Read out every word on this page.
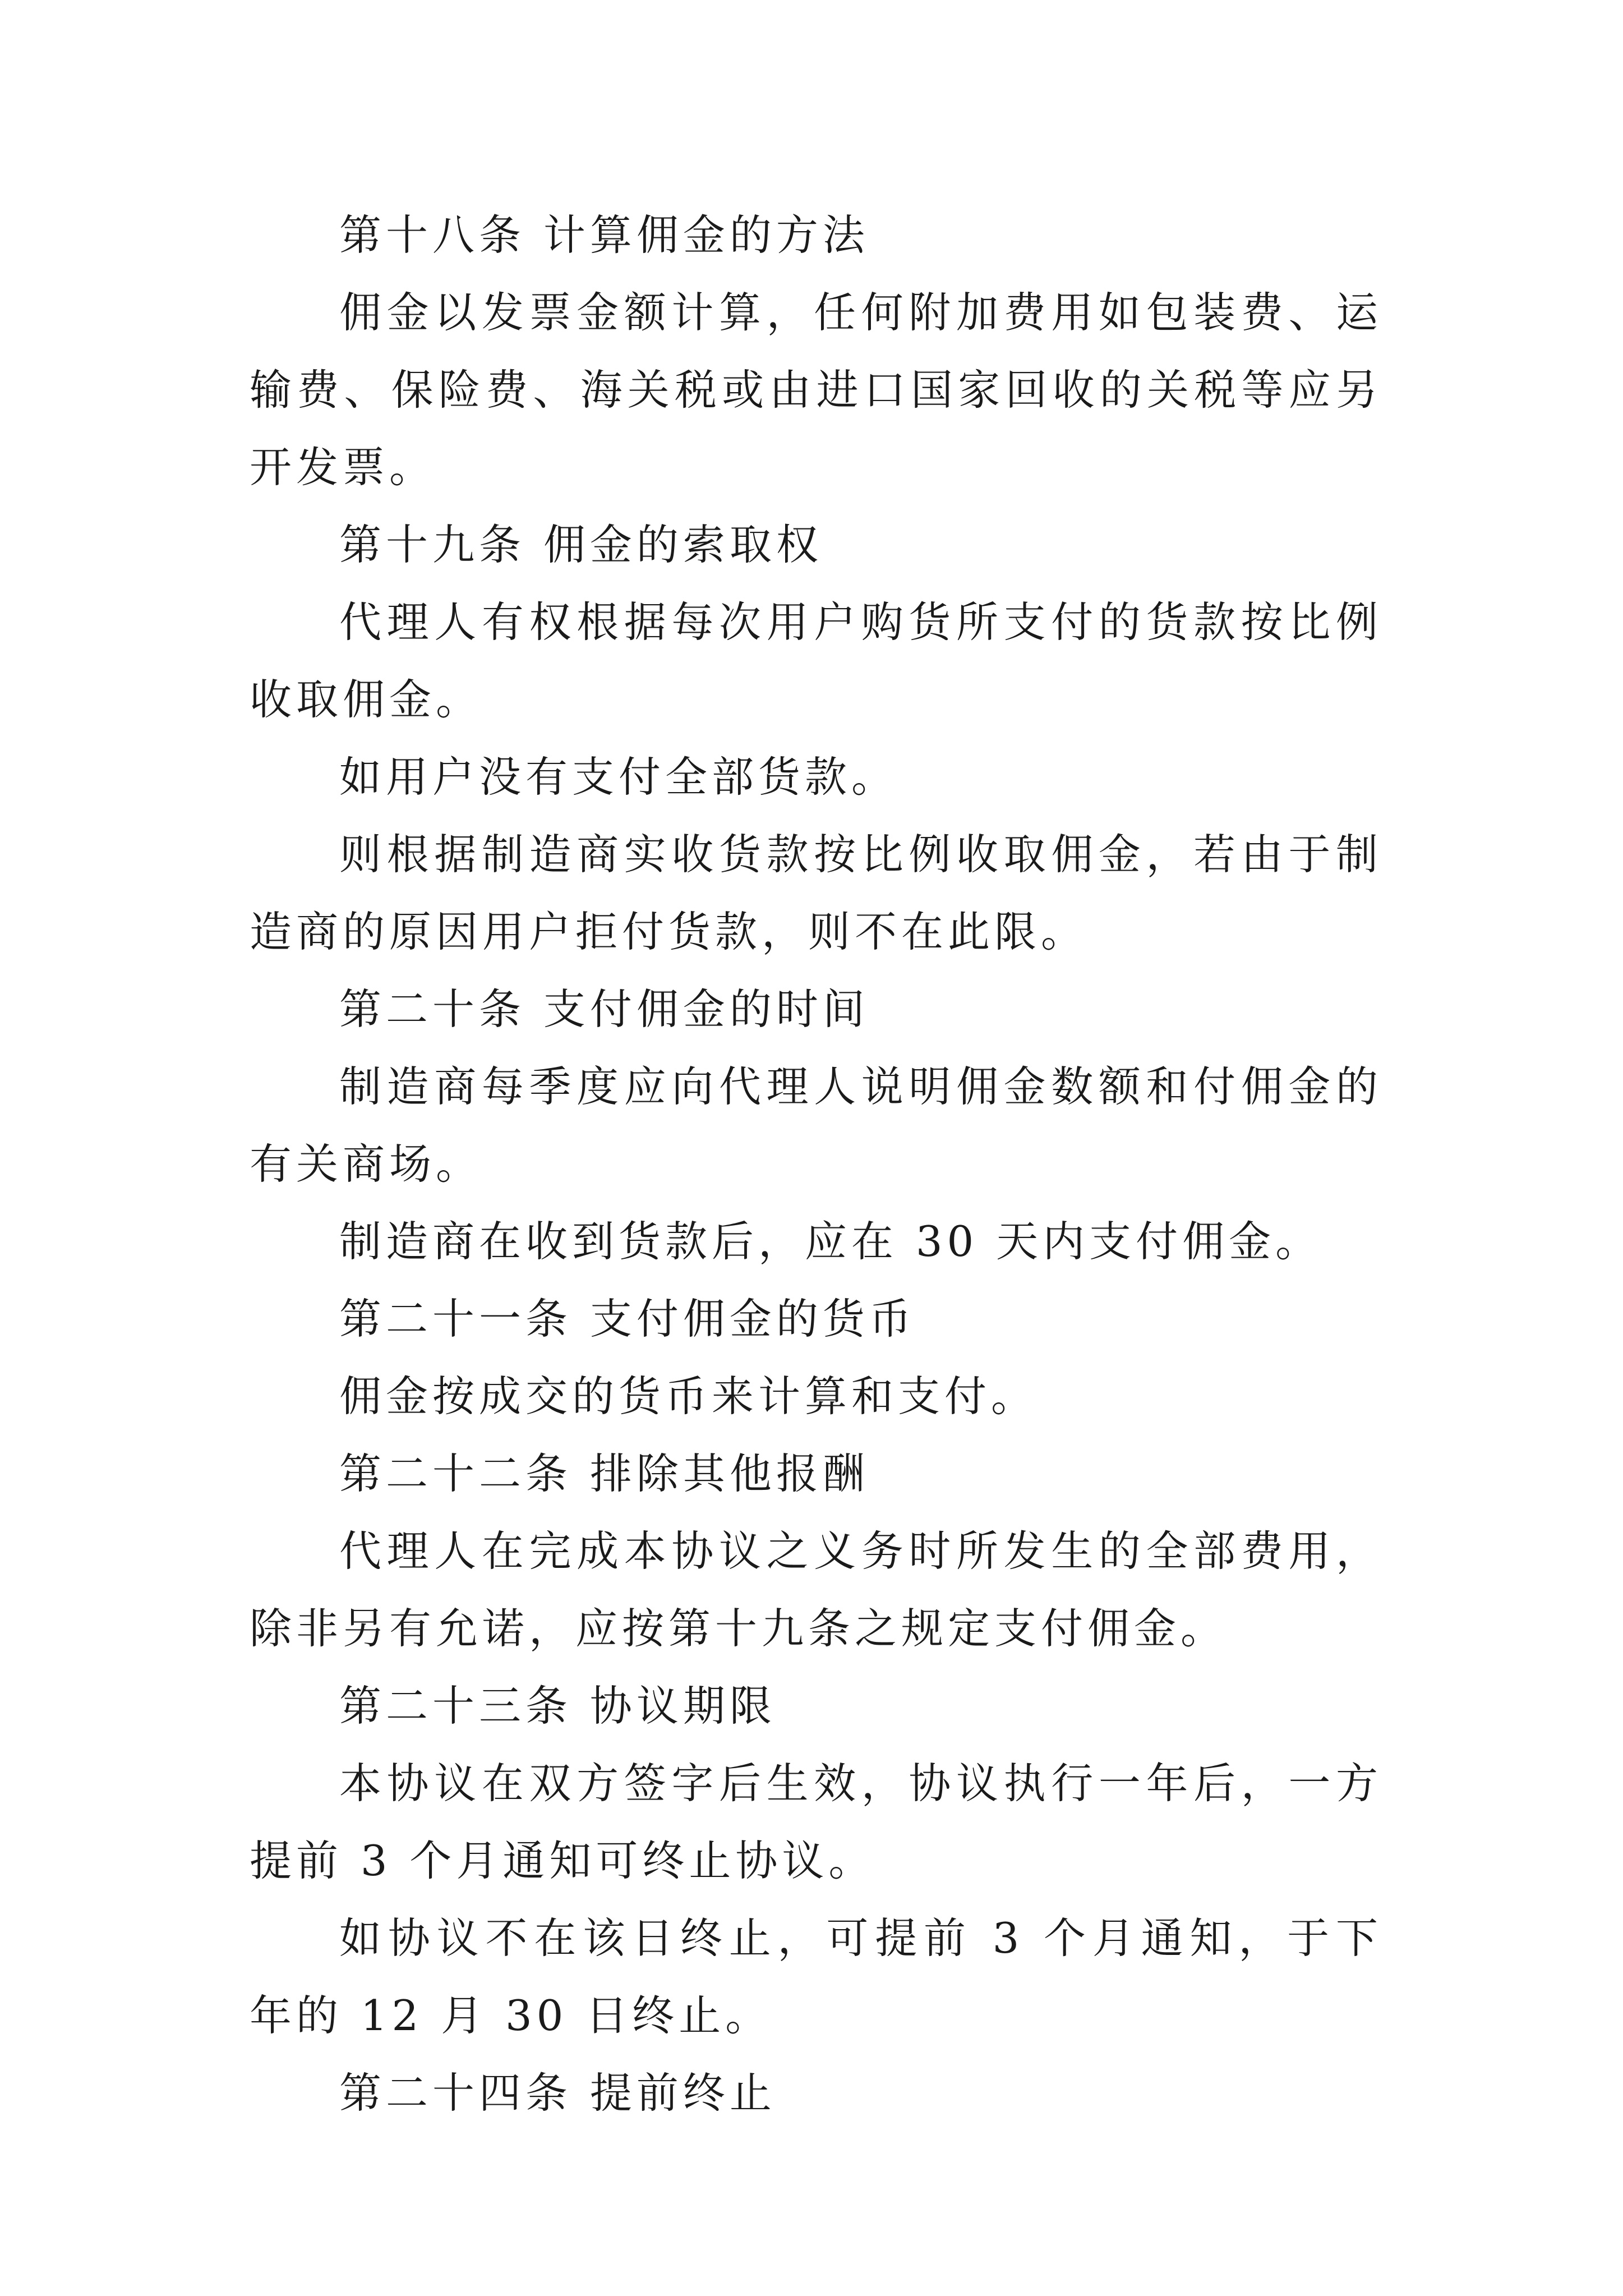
第十八条 计算佣金的方法

佣金以发票金额计算，任何附加费用如包装费、运输费、保险费、海关税或由进口国家回收的关税等应另开发票。

第十九条 佣金的索取权

代理人有权根据每次用户购货所支付的货款按比例收取佣金。

如用户没有支付全部货款。

则根据制造商实收货款按比例收取佣金，若由于制造商的原因用户拒付货款，则不在此限。

第二十条 支付佣金的时间

制造商每季度应向代理人说明佣金数额和付佣金的有关商场。

制造商在收到货款后，应在 30 天内支付佣金。

第二十一条 支付佣金的货币

佣金按成交的货币来计算和支付。

第二十二条 排除其他报酬

代理人在完成本协议之义务时所发生的全部费用，除非另有允诺，应按第十九条之规定支付佣金。

第二十三条 协议期限

本协议在双方签字后生效，协议执行一年后，一方提前 3 个月通知可终止协议。

如协议不在该日终止，可提前 3 个月通知，于下年的 12 月 30 日终止。

第二十四条 提前终止
